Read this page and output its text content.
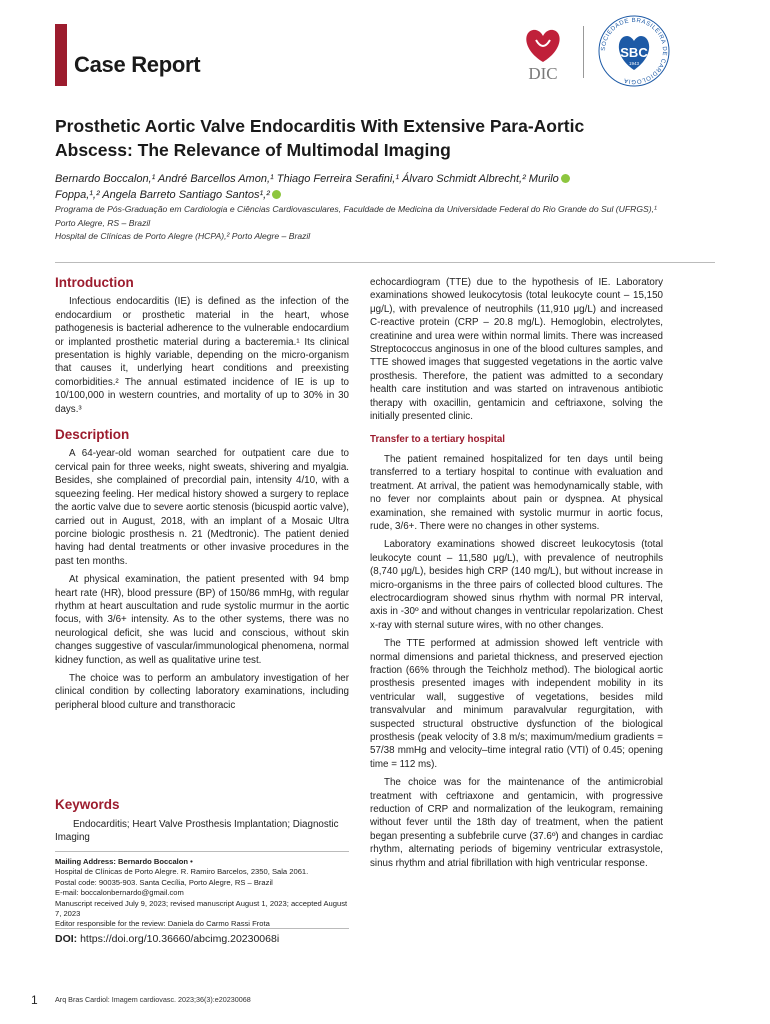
Case Report	DIC
SOCIEDADE BRASILEIRA DE CARDIOLOGIA
SBC
1943
Prosthetic Aortic Valve Endocarditis With Extensive Para-Aortic Abscess: The Relevance of Multimodal Imaging
Bernardo Boccalon,¹ André Barcellos Amon,¹ Thiago Ferreira Serafini,¹ Álvaro Schmidt Albrecht,² Murilo
Foppa,¹,² Angela Barreto Santiago Santos¹,²
Programa de Pós-Graduação em Cardiologia e Ciências Cardiovasculares, Faculdade de Medicina da Universidade Federal do Rio Grande do Sul (UFRGS),¹ Porto Alegre, RS – Brazil
Hospital de Clínicas de Porto Alegre (HCPA),² Porto Alegre – Brazil
Introduction

Infectious endocarditis (IE) is defined as the infection of the endocardium or prosthetic material in the heart, whose pathogenesis is bacterial adherence to the vulnerable endocardium or implanted prosthetic material during a bacteremia.¹ Its clinical presentation is highly variable, depending on the micro-organism that causes it, underlying heart conditions and preexisting comorbidities.² The annual estimated incidence of IE is up to 10/100,000 in western countries, and mortality of up to 30% in 30 days.³

Description

A 64-year-old woman searched for outpatient care due to cervical pain for three weeks, night sweats, shivering and myalgia. Besides, she complained of precordial pain, intensity 4/10, with a squeezing feeling. Her medical history showed a surgery to replace the aortic valve due to severe aortic stenosis (bicuspid aortic valve), carried out in August, 2018, with an implant of a Mosaic Ultra porcine biologic prosthesis n. 21 (Medtronic). The patient denied having had dental treatments or other invasive procedures in the past ten months.

At physical examination, the patient presented with 94 bmp heart rate (HR), blood pressure (BP) of 150/86 mmHg, with regular rhythm at heart auscultation and rude systolic murmur in the aortic focus, with 3/6+ intensity. As to the other systems, there was no neurological deficit, she was lucid and conscious, without skin changes suggestive of vascular/immunological phenomena, normal kidney function, as well as qualitative urine test.

The choice was to perform an ambulatory investigation of her clinical condition by collecting laboratory examinations, including peripheral blood culture and transthoracic

Keywords
Endocarditis; Heart Valve Prosthesis Implantation; Diagnostic Imaging
Mailing Address: Bernardo Boccalon •
Hospital de Clínicas de Porto Alegre. R. Ramiro Barcelos, 2350, Sala 2061.
Postal code: 90035-903. Santa Cecília, Porto Alegre, RS – Brazil
E-mail: boccalonbernardo@gmail.com
Manuscript received July 9, 2023; revised manuscript August 1, 2023; accepted August 7, 2023
Editor responsible for the review: Daniela do Carmo Rassi Frota
DOI: https://doi.org/10.36660/abcimg.20230068i

echocardiogram (TTE) due to the hypothesis of IE. Laboratory examinations showed leukocytosis (total leukocyte count – 15,150 μg/L), with prevalence of neutrophils (11,910 μg/L) and increased C-reactive protein (CRP – 20.8 mg/L). Hemoglobin, electrolytes, creatinine and urea were within normal limits. There was increased Streptococcus anginosus in one of the blood cultures samples, and TTE showed images that suggested vegetations in the aortic valve prosthesis. Therefore, the patient was admitted to a secondary health care institution and was started on intravenous antibiotic therapy with oxacillin, gentamicin and ceftriaxone, solving the initially presented clinic.

Transfer to a tertiary hospital

The patient remained hospitalized for ten days until being transferred to a tertiary hospital to continue with evaluation and treatment. At arrival, the patient was hemodynamically stable, with no fever nor complaints about pain or dyspnea. At physical examination, she remained with systolic murmur in aortic focus, rude, 3/6+. There were no changes in other systems.

Laboratory examinations showed discreet leukocytosis (total leukocyte count – 11,580 μg/L), with prevalence of neutrophils (8,740 μg/L), besides high CRP (140 mg/L), but without increase in micro-organisms in the three pairs of collected blood cultures. The electrocardiogram showed sinus rhythm with normal PR interval, axis in -30º and without changes in ventricular repolarization. Chest x-ray with sternal suture wires, with no other changes.

The TTE performed at admission showed left ventricle with normal dimensions and parietal thickness, and preserved ejection fraction (66% through the Teichholz method). The biological aortic prosthesis presented images with independent mobility in its ventricular wall, suggestive of vegetations, besides mild transvalvular and minimum paravalvular regurgitation, with suspected structural obstructive dysfunction of the biological prosthesis (peak velocity of 3.8 m/s; maximum/medium gradients = 57/38 mmHg and velocity–time integral ratio (VTI) of 0.45; opening time = 112 ms).

The choice was for the maintenance of the antimicrobial treatment with ceftriaxone and gentamicin, with progressive reduction of CRP and normalization of the leukogram, remaining without fever until the 18th day of treatment, when the patient began presenting a subfebrile curve (37.6º) and changes in cardiac rhythm, alternating periods of bigeminy ventricular extrasystole, sinus rhythm and atrial fibrillation with high ventricular response.

1 Arq Bras Cardiol: Imagem cardiovasc. 2023;36(3):e20230068
